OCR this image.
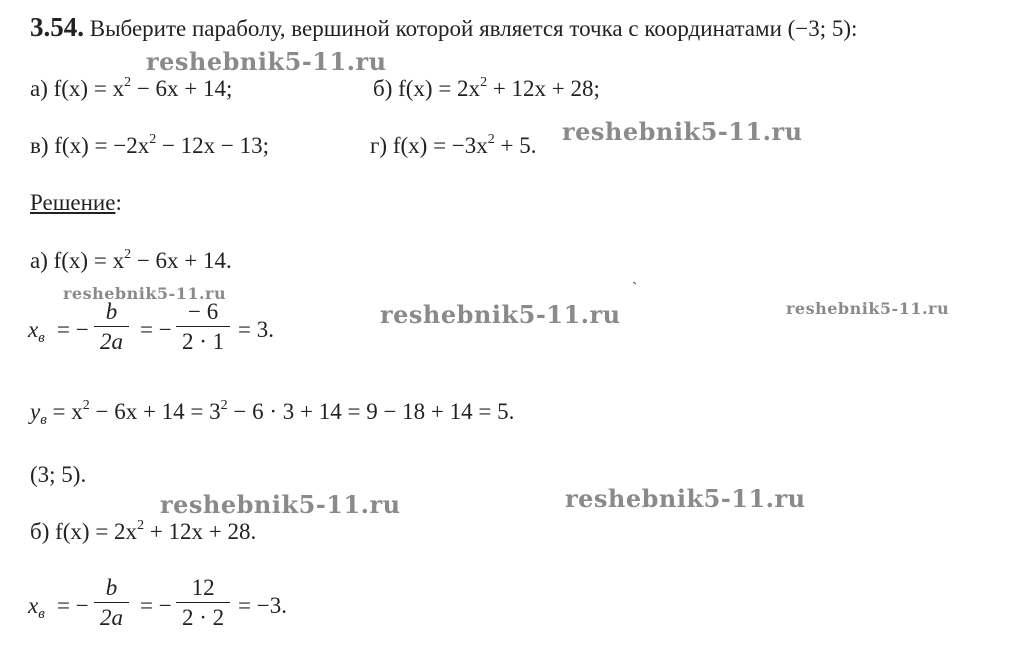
3.54. Выберите параболу, вершиной которой является точка с координатами (−3; 5):
а) $f(x) = x^2 - 6x + 14$;	б) $f(x) = 2x^2 + 12x + 28$;
в) $f(x) = -2x^2 - 12x - 13$;	г) $f(x) = -3x^2 + 5$.
Решение:
а) $f(x) = x^2 - 6x + 14$.
$x_в$ = −
b
2a = −
− 6
2 · 1 = 3.
$y_в = x^2 - 6x + 14 = 3^2 - 6 \cdot 3 + 14 = 9 - 18 + 14 = 5$.
(3; 5).
б) $f(x) = 2x^2 + 12x + 28$.
$x_в$ = −
b
2a = −
12
2 · 2 = −3.
reshebnik5-11.ru
reshebnik5-11.ru
reshebnik5-11.ru
reshebnik5-11.ru	reshebnik5-11.ru
reshebnik5-11.ru	reshebnik5-11.ru
`
